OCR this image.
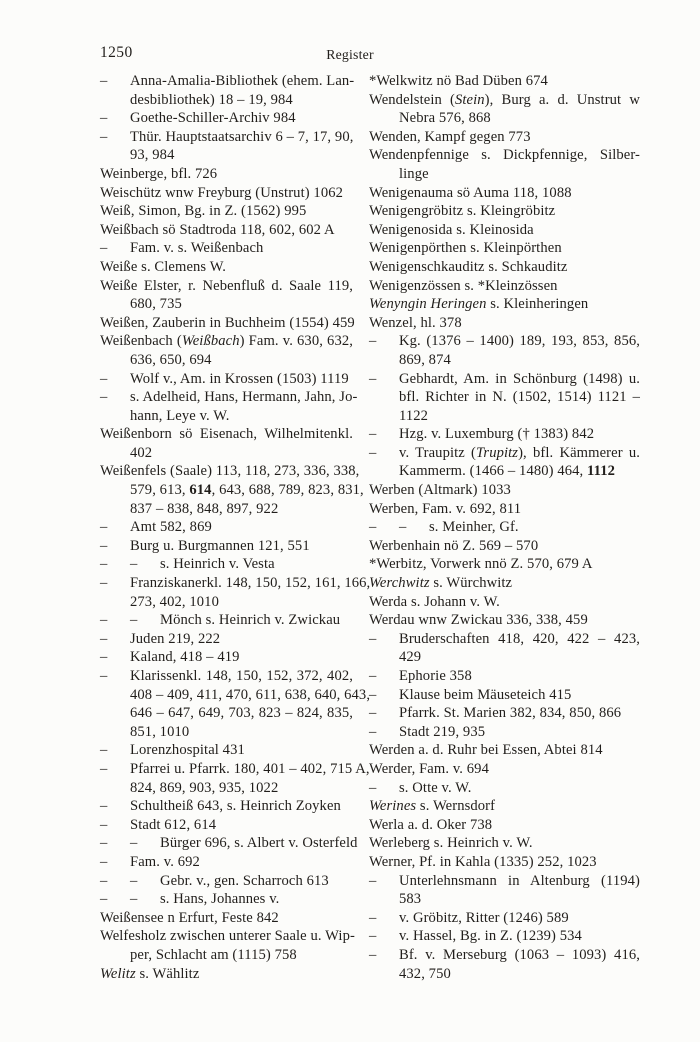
1250	Register
– Anna-Amalia-Bibliothek (ehem. Lan-
desbibliothek) 18 – 19, 984
– Goethe-Schiller-Archiv 984
– Thür. Hauptstaatsarchiv 6 – 7, 17, 90,
93, 984
Weinberge, bfl. 726
Weischütz wnw Freyburg (Unstrut) 1062
Weiß, Simon, Bg. in Z. (1562) 995
Weißbach sö Stadtroda 118, 602, 602 A
– Fam. v. s. Weißenbach
Weiße s. Clemens W.
Weiße Elster, r. Nebenfluß d. Saale 119,
680, 735
Weißen, Zauberin in Buchheim (1554) 459
Weißenbach (Weißbach) Fam. v. 630, 632,
636, 650, 694
– Wolf v., Am. in Krossen (1503) 1119
– s. Adelheid, Hans, Hermann, Jahn, Jo-
hann, Leye v. W.
Weißenborn sö Eisenach, Wilhelmitenkl.
402
Weißenfels (Saale) 113, 118, 273, 336, 338,
579, 613, 614, 643, 688, 789, 823, 831,
837 – 838, 848, 897, 922
– Amt 582, 869
– Burg u. Burgmannen 121, 551
– – s. Heinrich v. Vesta
– Franziskanerkl. 148, 150, 152, 161, 166,
273, 402, 1010
– – Mönch s. Heinrich v. Zwickau
– Juden 219, 222
– Kaland, 418 – 419
– Klarissenkl. 148, 150, 152, 372, 402,
408 – 409, 411, 470, 611, 638, 640, 643,
646 – 647, 649, 703, 823 – 824, 835,
851, 1010
– Lorenzhospital 431
– Pfarrei u. Pfarrk. 180, 401 – 402, 715 A,
824, 869, 903, 935, 1022
– Schultheiß 643, s. Heinrich Zoyken
– Stadt 612, 614
– – Bürger 696, s. Albert v. Osterfeld
– Fam. v. 692
– – Gebr. v., gen. Scharroch 613
– – s. Hans, Johannes v.
Weißensee n Erfurt, Feste 842
Welfesholz zwischen unterer Saale u. Wip-
per, Schlacht am (1115) 758
Welitz s. Wählitz
*Welkwitz nö Bad Düben 674
Wendelstein (Stein), Burg a. d. Unstrut w
Nebra 576, 868
Wenden, Kampf gegen 773
Wendenpfennige s. Dickpfennige, Silber-
linge
Wenigenauma sö Auma 118, 1088
Wenigengröbitz s. Kleingröbitz
Wenigenosida s. Kleinosida
Wenigenpörthen s. Kleinpörthen
Wenigenschkauditz s. Schkauditz
Wenigenzössen s. *Kleinzössen
Wenyngin Heringen s. Kleinheringen
Wenzel, hl. 378
– Kg. (1376 – 1400) 189, 193, 853, 856,
869, 874
– Gebhardt, Am. in Schönburg (1498) u.
bfl. Richter in N. (1502, 1514) 1121 –
1122
– Hzg. v. Luxemburg († 1383) 842
– v. Traupitz (Trupitz), bfl. Kämmerer u.
Kammerm. (1466 – 1480) 464, 1112
Werben (Altmark) 1033
Werben, Fam. v. 692, 811
– – s. Meinher, Gf.
Werbenhain nö Z. 569 – 570
*Werbitz, Vorwerk nnö Z. 570, 679 A
Werchwitz s. Würchwitz
Werda s. Johann v. W.
Werdau wnw Zwickau 336, 338, 459
– Bruderschaften 418, 420, 422 – 423,
429
– Ephorie 358
– Klause beim Mäuseteich 415
– Pfarrk. St. Marien 382, 834, 850, 866
– Stadt 219, 935
Werden a. d. Ruhr bei Essen, Abtei 814
Werder, Fam. v. 694
– s. Otte v. W.
Werines s. Wernsdorf
Werla a. d. Oker 738
Werleberg s. Heinrich v. W.
Werner, Pf. in Kahla (1335) 252, 1023
– Unterlehnsmann in Altenburg (1194)
583
– v. Gröbitz, Ritter (1246) 589
– v. Hassel, Bg. in Z. (1239) 534
– Bf. v. Merseburg (1063 – 1093) 416,
432, 750
